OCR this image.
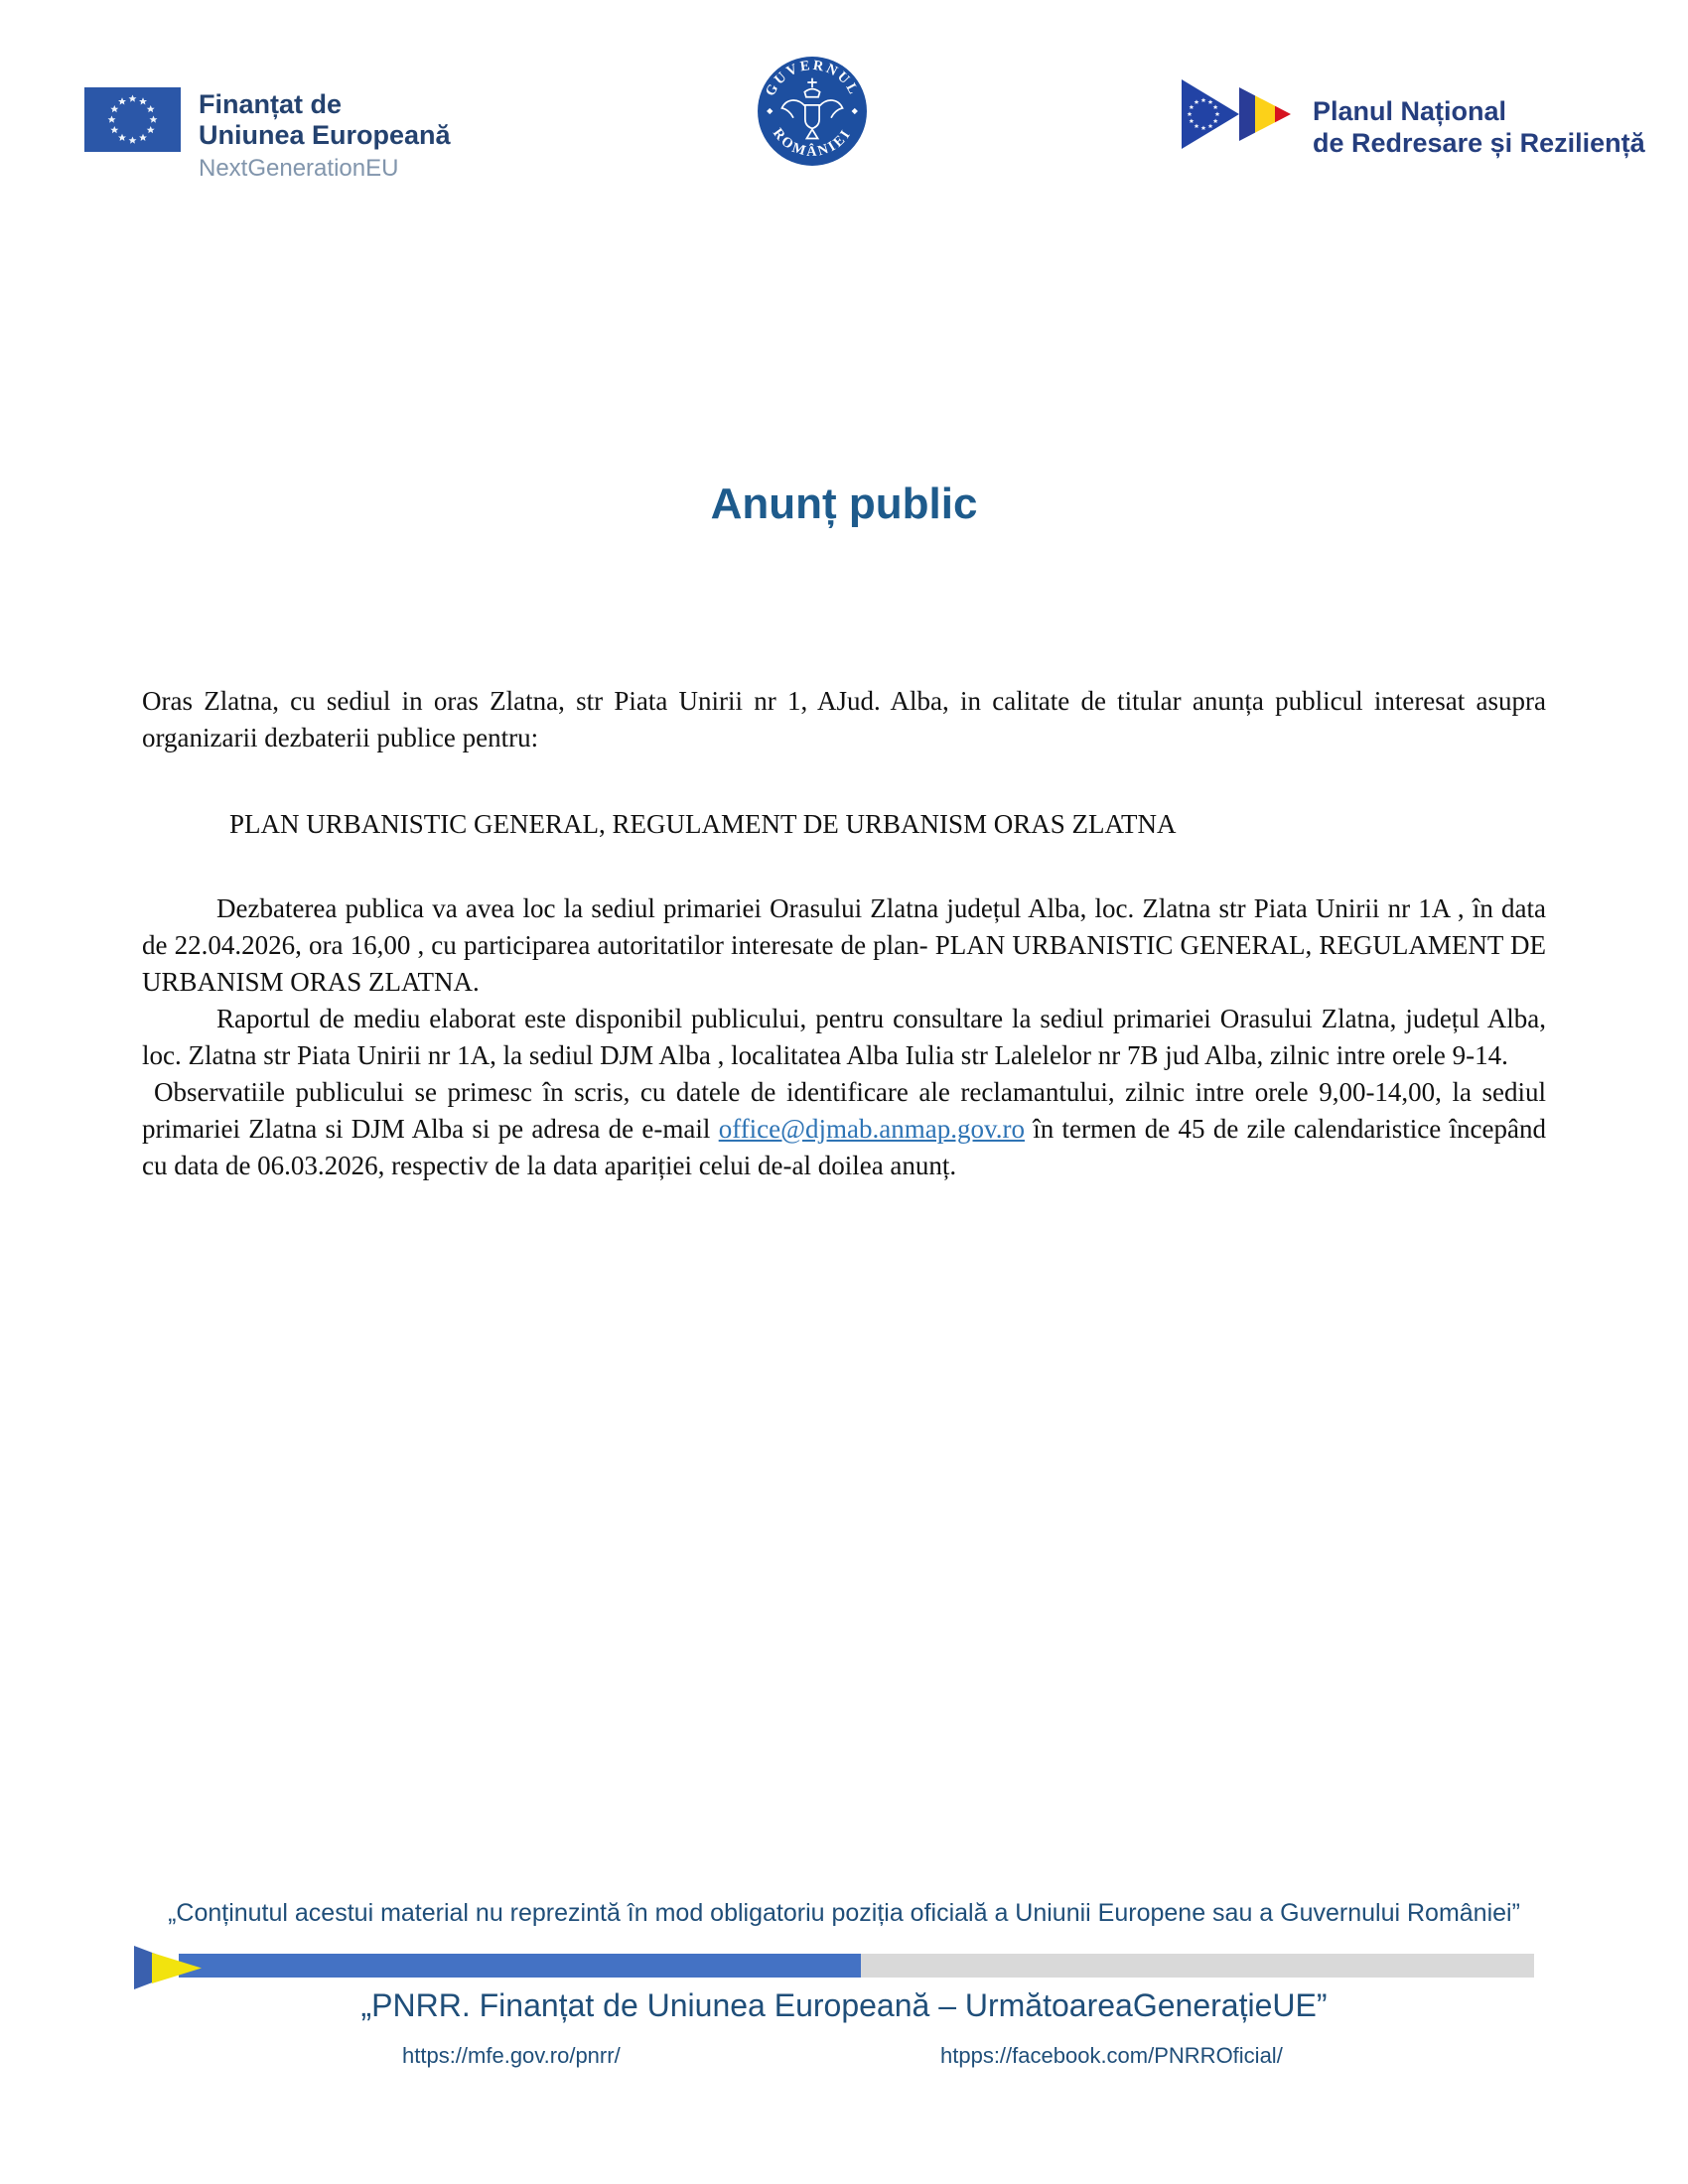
Finanțat de
Uniunea Europeană
NextGenerationEU
GUVERNUL
ROMÂNIEI
Planul Național
de Redresare și Reziliență
Anunț public

Oras Zlatna, cu sediul in oras Zlatna, str Piata Unirii nr 1, AJud. Alba, in calitate de titular anunța publicul interesat asupra organizarii dezbaterii publice pentru:

PLAN URBANISTIC GENERAL, REGULAMENT DE URBANISM ORAS ZLATNA

Dezbaterea publica va avea loc la sediul primariei Orasului Zlatna județul Alba, loc. Zlatna str Piata Unirii nr 1A , în data de 22.04.2026, ora 16,00 , cu participarea autoritatilor interesate de plan- PLAN URBANISTIC GENERAL, REGULAMENT DE URBANISM ORAS ZLATNA.

Raportul de mediu elaborat este disponibil publicului, pentru consultare la sediul primariei Orasului Zlatna, județul Alba, loc. Zlatna str Piata Unirii nr 1A, la sediul DJM Alba , localitatea Alba Iulia str Lalelelor nr 7B jud Alba, zilnic intre orele 9-14.

Observatiile publicului se primesc în scris, cu datele de identificare ale reclamantului, zilnic intre orele 9,00-14,00, la sediul primariei Zlatna si DJM Alba si pe adresa de e-mail office@djmab.anmap.gov.ro în termen de 45 de zile calendaristice începând cu data de 06.03.2026, respectiv de la data apariției celui de-al doilea anunț.

„Conținutul acestui material nu reprezintă în mod obligatoriu poziția oficială a Uniunii Europene sau a Guvernului României”
„PNRR. Finanțat de Uniunea Europeană – UrmătoareaGenerațieUE”
https://mfe.gov.ro/pnrr/	htpps://facebook.com/PNRROficial/
